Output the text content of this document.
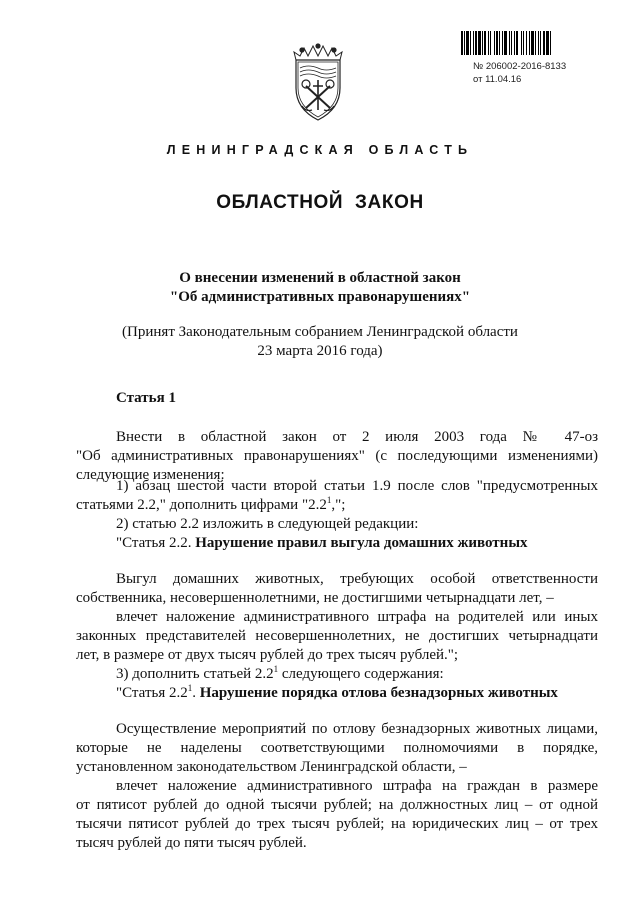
№ 206002-2016-8133
от 11.04.16
ЛЕНИНГРАДСКАЯ ОБЛАСТЬ
ОБЛАСТНОЙ ЗАКОН
О внесении изменений в областной закон
"Об административных правонарушениях"
(Принят Законодательным собранием Ленинградской области
23 марта 2016 года)
Статья 1

Внести в областной закон от 2 июля 2003 года № 47-оз

"Об административных правонарушениях" (с последующими изменениями)

следующие изменения:

1) абзац шестой части второй статьи 1.9 после слов "предусмотренных

статьями 2.2," дополнить цифрами "$2.2^1$,";

2) статью 2.2 изложить в следующей редакции:

"Статья 2.2. Нарушение правил выгула домашних животных

Выгул домашних животных, требующих особой ответственности

собственника, несовершеннолетними, не достигшими четырнадцати лет, –

влечет наложение административного штрафа на родителей или иных

законных представителей несовершеннолетних, не достигших четырнадцати

лет, в размере от двух тысяч рублей до трех тысяч рублей.";

3) дополнить статьей $2.2^1$ следующего содержания:

"Статья $2.2^1$. Нарушение порядка отлова безнадзорных животных

Осуществление мероприятий по отлову безнадзорных животных лицами,

которые не наделены соответствующими полномочиями в порядке,

установленном законодательством Ленинградской области, –

влечет наложение административного штрафа на граждан в размере

от пятисот рублей до одной тысячи рублей; на должностных лиц – от одной

тысячи пятисот рублей до трех тысяч рублей; на юридических лиц – от трех

тысяч рублей до пяти тысяч рублей.
